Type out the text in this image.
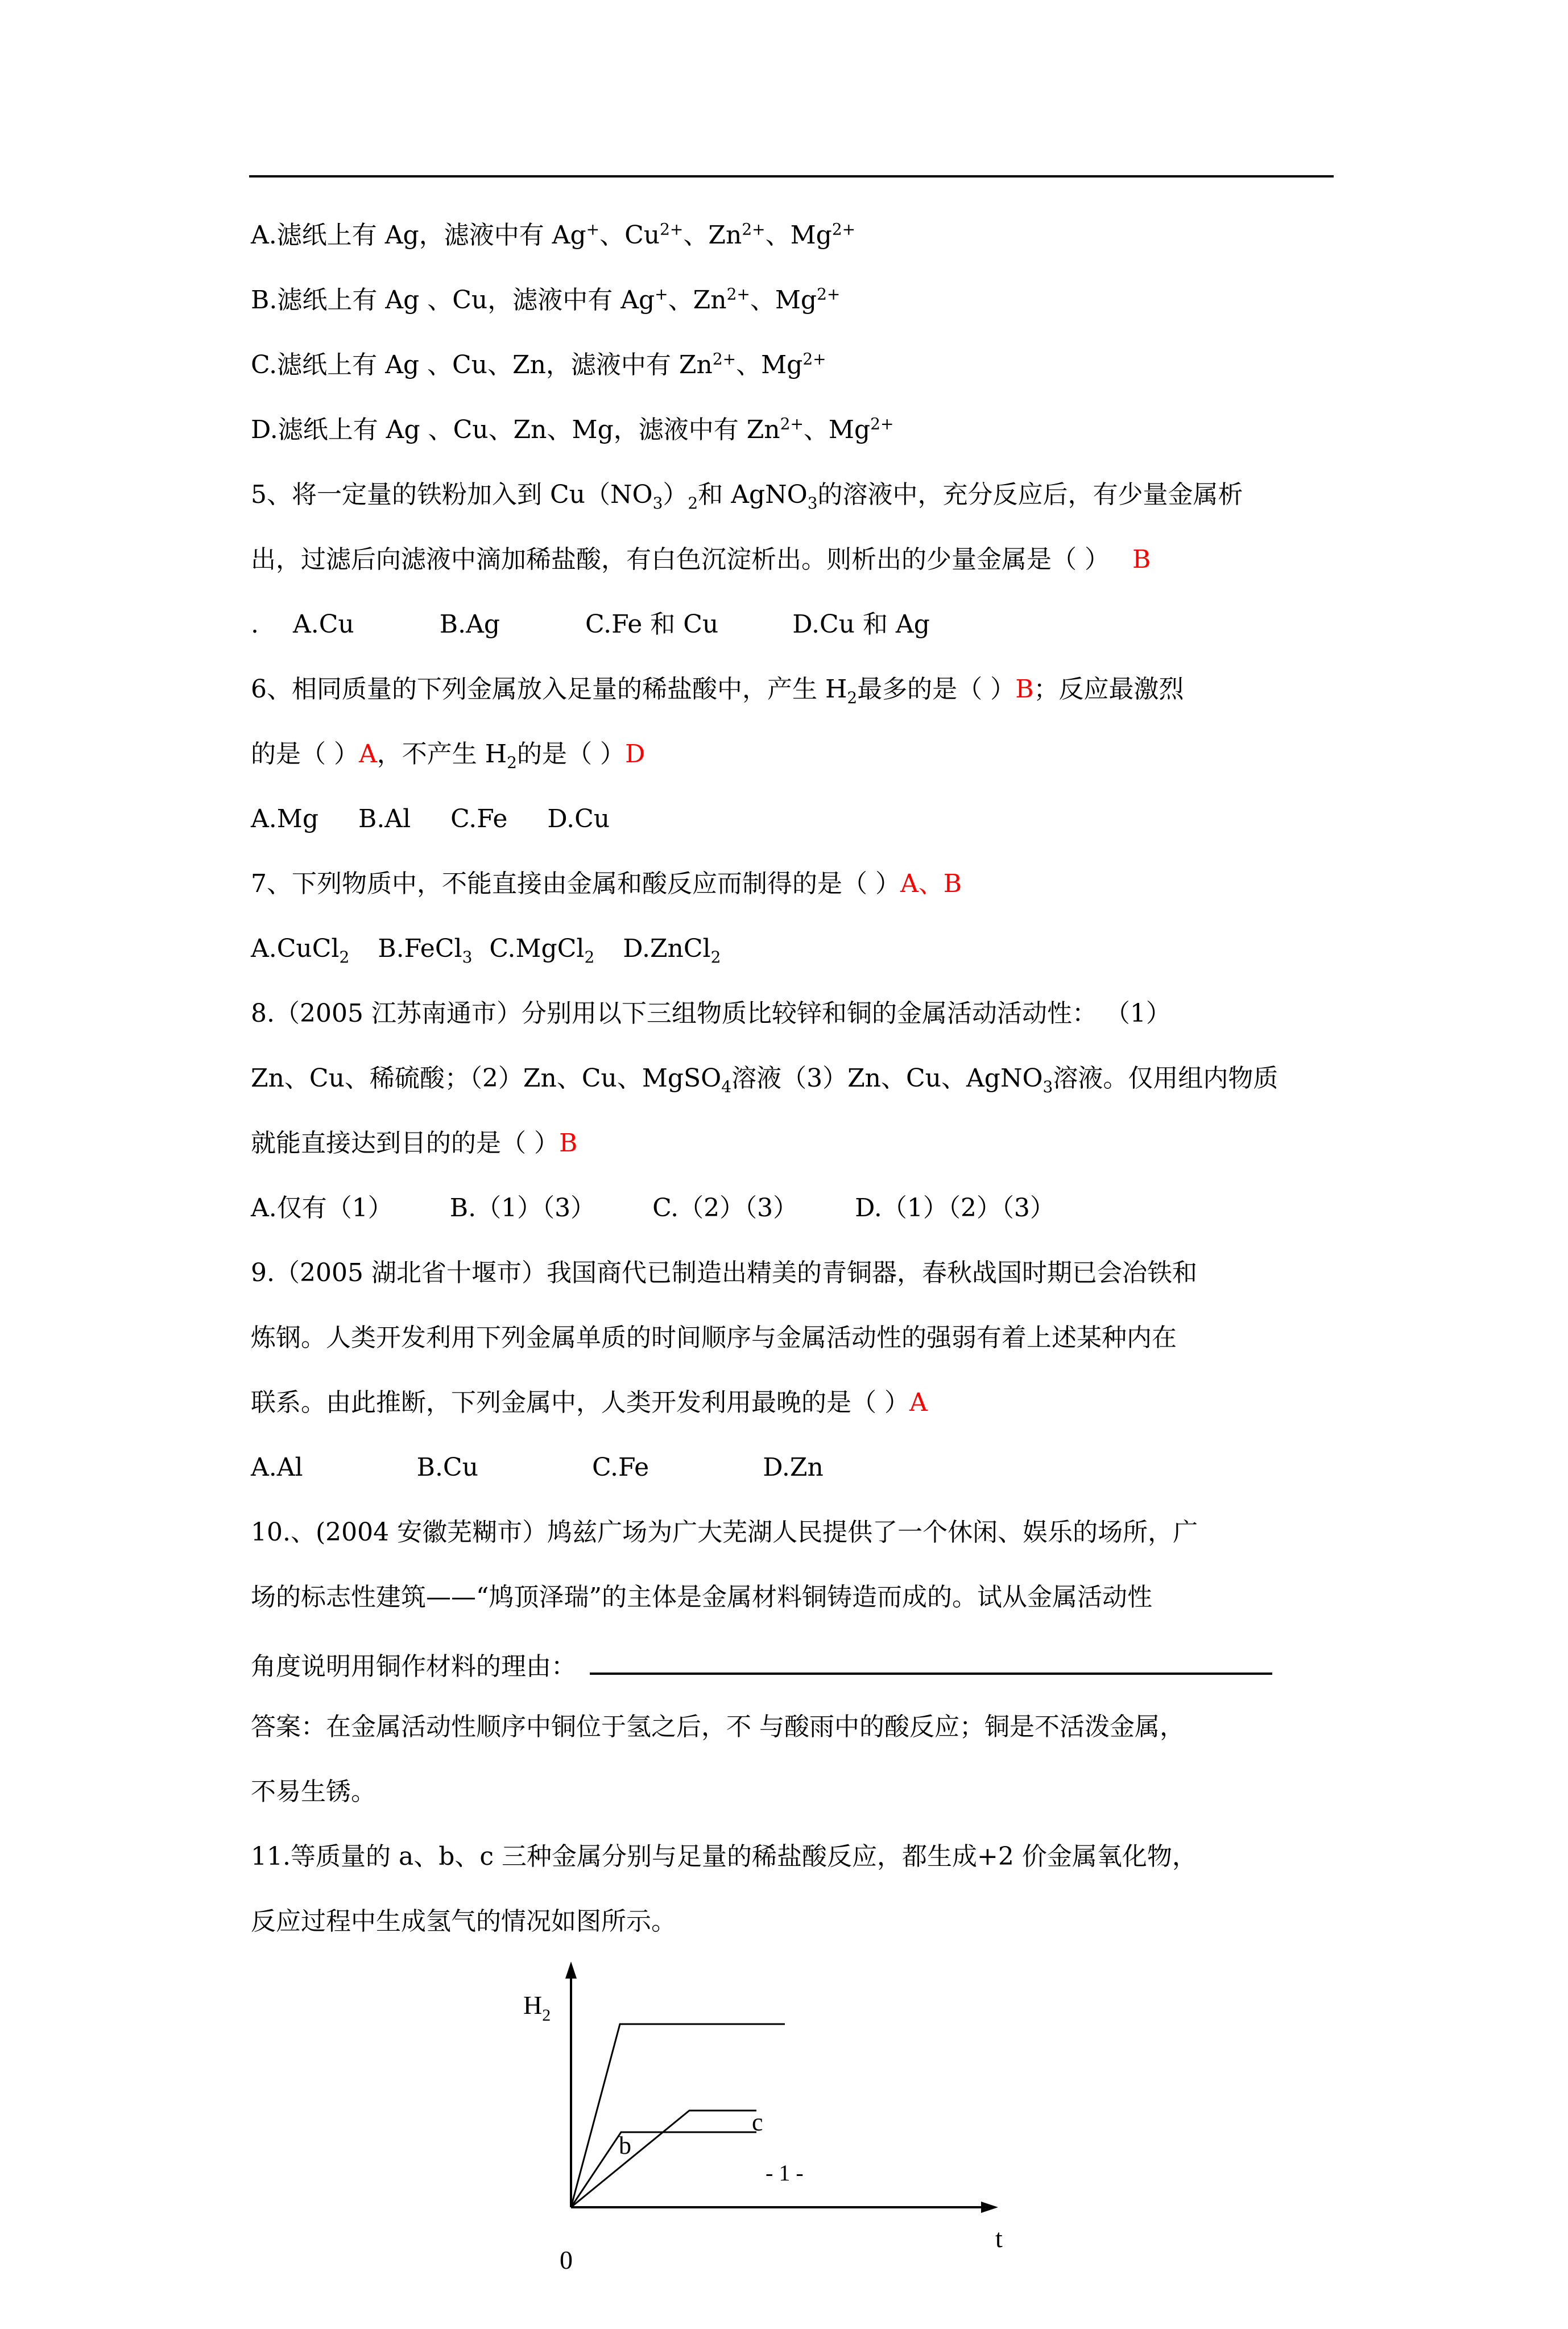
A.滤纸上有 Ag，滤液中有 Ag+、$Cu^{2+}$、$Zn^{2+}$、$Mg^{2+}$
B.滤纸上有 Ag 、Cu，滤液中有 Ag+、$Zn^{2+}$、$Mg^{2+}$
C.滤纸上有 Ag 、Cu、Zn，滤液中有 $Zn^{2+}$、$Mg^{2+}$
D.滤纸上有 Ag 、Cu、Zn、Mg，滤液中有 $Zn^{2+}$、$Mg^{2+}$
5、将一定量的铁粉加入到 $Cu(NO_3)_2$和 AgNO$_3$的溶液中，充分反应后，有少量金属析
出，过滤后向滤液中滴加稀盐酸，有白色沉淀析出。则析出的少量金属是（ ） B
. A.Cu	B.Ag	C.Fe 和 Cu	D.Cu 和 Ag
6、相同质量的下列金属放入足量的稀盐酸中，产生 $H_2$最多的是（ ）B；反应最激烈
的是（ ）A，不产生 $H_2$的是（ ）D
A.Mg B.Al C.Fe D.Cu
7、下列物质中，不能直接由金属和酸反应而制得的是（ ）A、B
A.CuCl$_2$ B.FeCl$_3$ C.MgCl$_2$ D.ZnCl$_2$
8.（2005 江苏南通市）分别用以下三组物质比较锌和铜的金属活动活动性： （1）
Zn、Cu、稀硫酸；（2）Zn、Cu、MgSO$_4$溶液（3）Zn、Cu、AgNO$_3$溶液。仅用组内物质
就能直接达到目的的是（ ）B
A.仅有（1） B.（1）（3） C.（2）（3） D.（1）（2）（3）
9.（2005 湖北省十堰市）我国商代已制造出精美的青铜器，春秋战国时期已会冶铁和
炼钢。人类开发利用下列金属单质的时间顺序与金属活动性的强弱有着上述某种内在
联系。由此推断，下列金属中，人类开发利用最晚的是（ ）A
A.Al	B.Cu	C.Fe	D.Zn
10.、(2004 安徽芜糊市）鸠兹广场为广大芜湖人民提供了一个休闲、娱乐的场所，广
场的标志性建筑——“鸠顶泽瑞”的主体是金属材料铜铸造而成的。试从金属活动性
角度说明用铜作材料的理由：
答案：在金属活动性顺序中铜位于氢之后，不 与酸雨中的酸反应；铜是不活泼金属，
不易生锈。
11.等质量的 a、b、c 三种金属分别与足量的稀盐酸反应，都生成+2 价金属氧化物，
反应过程中生成氢气的情况如图所示。
$H_2$
c
b
- 1 -
t
0
